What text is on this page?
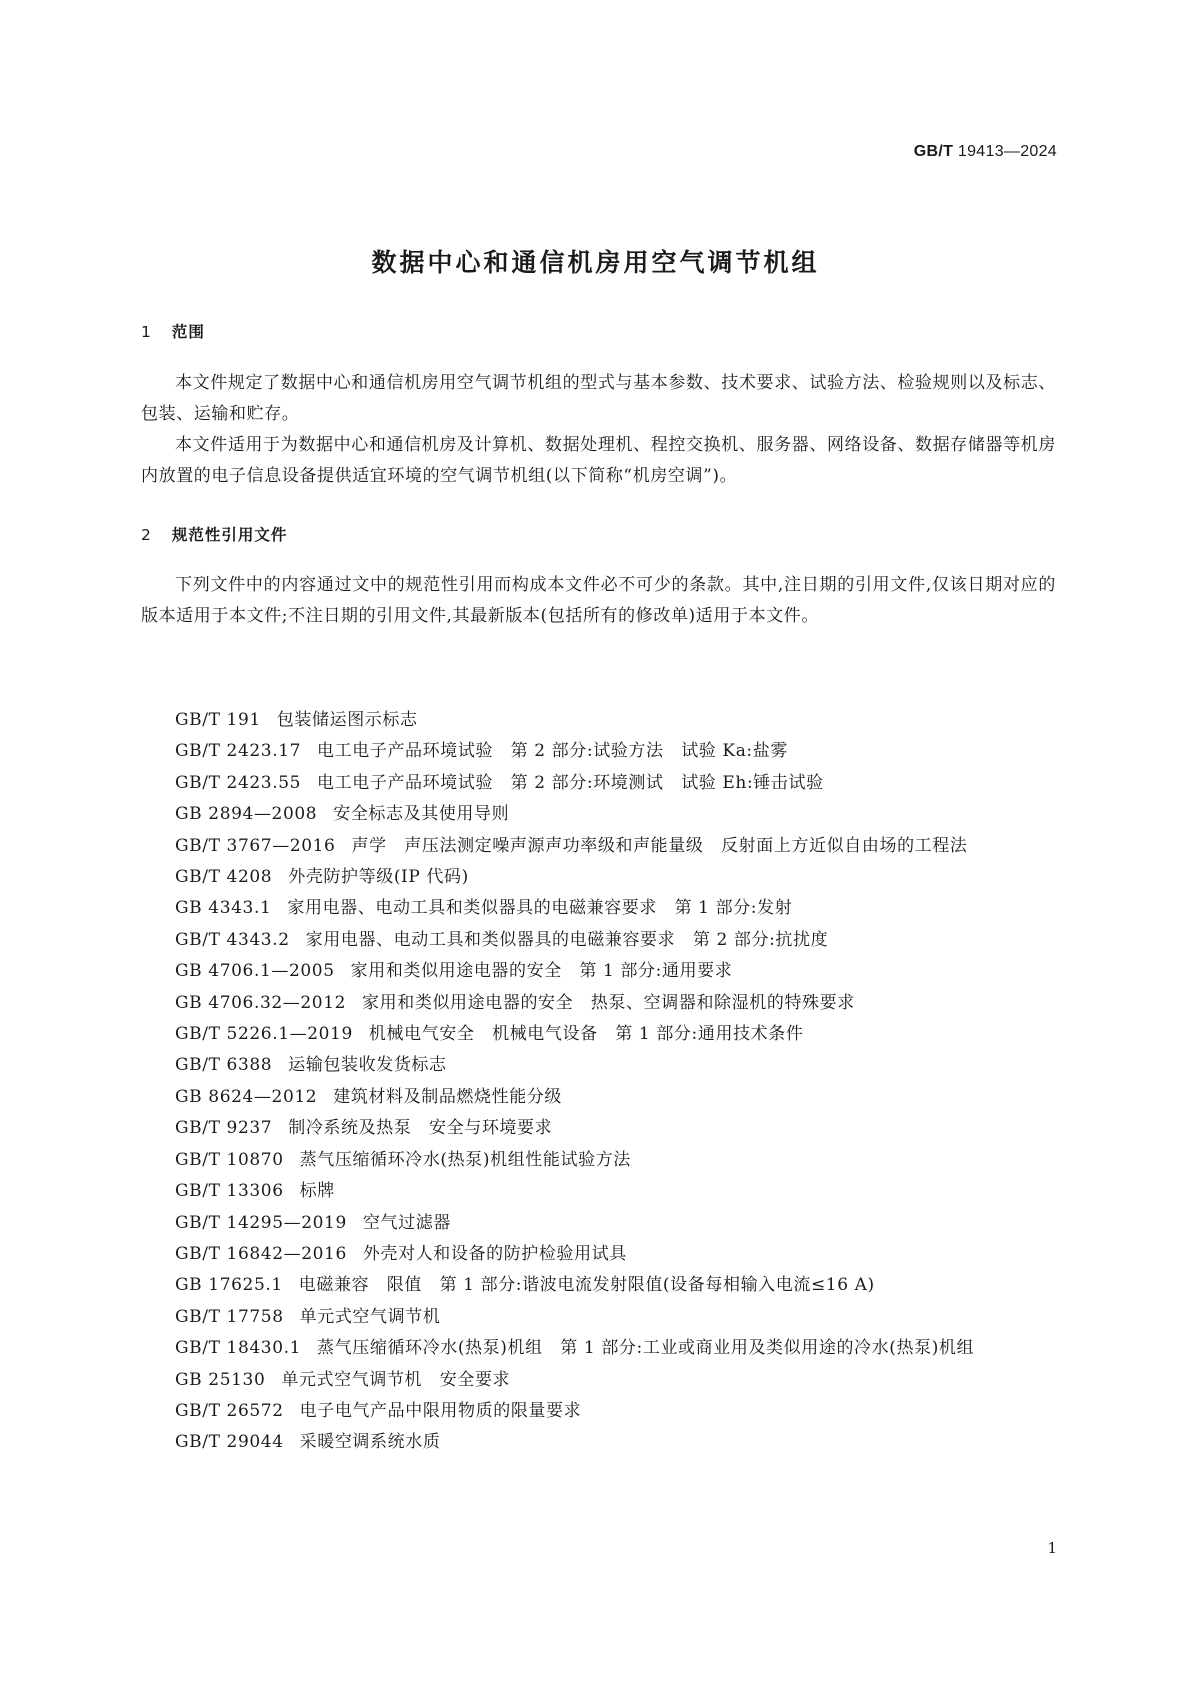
GB/T 19413—2024
数据中心和通信机房用空气调节机组
1 范围
本文件规定了数据中心和通信机房用空气调节机组的型式与基本参数、技术要求、试验方法、检验规则以及标志、包装、运输和贮存。
本文件适用于为数据中心和通信机房及计算机、数据处理机、程控交换机、服务器、网络设备、数据存储器等机房内放置的电子信息设备提供适宜环境的空气调节机组(以下简称“机房空调”)。
2 规范性引用文件
下列文件中的内容通过文中的规范性引用而构成本文件必不可少的条款。其中,注日期的引用文件,仅该日期对应的版本适用于本文件;不注日期的引用文件,其最新版本(包括所有的修改单)适用于本文件。
GB/T 191 包装储运图示标志
GB/T 2423.17 电工电子产品环境试验　第 2 部分:试验方法　试验 Ka:盐雾
GB/T 2423.55 电工电子产品环境试验　第 2 部分:环境测试　试验 Eh:锤击试验
GB 2894—2008 安全标志及其使用导则
GB/T 3767—2016 声学　声压法测定噪声源声功率级和声能量级　反射面上方近似自由场的工程法
GB/T 4208 外壳防护等级(IP 代码)
GB 4343.1 家用电器、电动工具和类似器具的电磁兼容要求　第 1 部分:发射
GB/T 4343.2 家用电器、电动工具和类似器具的电磁兼容要求　第 2 部分:抗扰度
GB 4706.1—2005 家用和类似用途电器的安全　第 1 部分:通用要求
GB 4706.32—2012 家用和类似用途电器的安全　热泵、空调器和除湿机的特殊要求
GB/T 5226.1—2019 机械电气安全　机械电气设备　第 1 部分:通用技术条件
GB/T 6388 运输包装收发货标志
GB 8624—2012 建筑材料及制品燃烧性能分级
GB/T 9237 制冷系统及热泵　安全与环境要求
GB/T 10870 蒸气压缩循环冷水(热泵)机组性能试验方法
GB/T 13306 标牌
GB/T 14295—2019 空气过滤器
GB/T 16842—2016 外壳对人和设备的防护检验用试具
GB 17625.1 电磁兼容　限值　第 1 部分:谐波电流发射限值(设备每相输入电流≤16 A)
GB/T 17758 单元式空气调节机
GB/T 18430.1 蒸气压缩循环冷水(热泵)机组　第 1 部分:工业或商业用及类似用途的冷水(热泵)机组
GB 25130 单元式空气调节机　安全要求
GB/T 26572 电子电气产品中限用物质的限量要求
GB/T 29044 采暖空调系统水质
1
